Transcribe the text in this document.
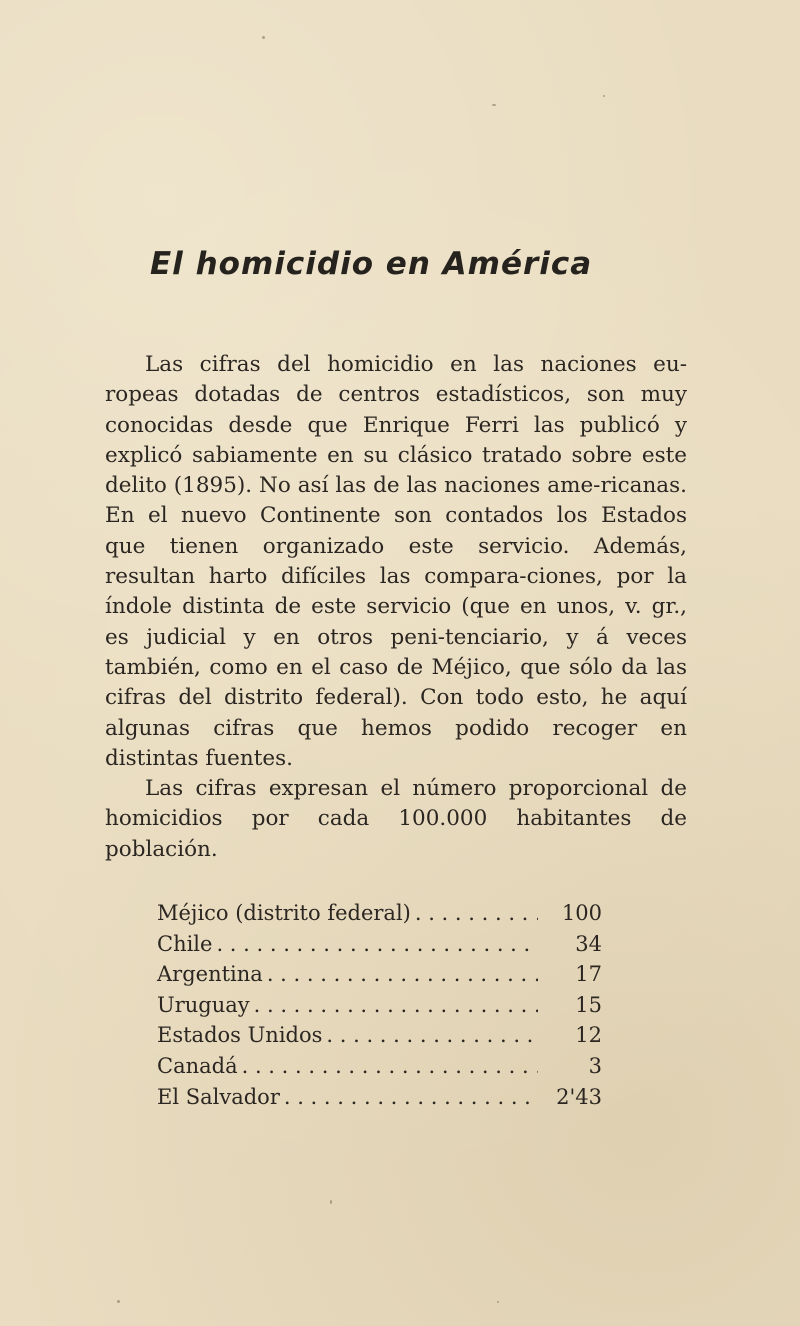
El homicidio en América

Las cifras del homicidio en las naciones eu-ropeas dotadas de centros estadísticos, son muy conocidas desde que Enrique Ferri las publicó y explicó sabiamente en su clásico tratado sobre este delito (1895). No así las de las naciones ame-ricanas. En el nuevo Continente son contados los Estados que tienen organizado este servicio. Además, resultan harto difíciles las compara-ciones, por la índole distinta de este servicio (que en unos, v. gr., es judicial y en otros peni-tenciario, y á veces también, como en el caso de Méjico, que sólo da las cifras del distrito federal). Con todo esto, he aquí algunas cifras que hemos podido recoger en distintas fuentes.

Las cifras expresan el número proporcional de homicidios por cada 100.000 habitantes de población.

Méjico (distrito federal) . . .	100
Chile . . .	34
Argentina . . .	17
Uruguay . . .	15
Estados Unidos . . .	12
Canadá . . .	3
El Salvador . . .	2'43
